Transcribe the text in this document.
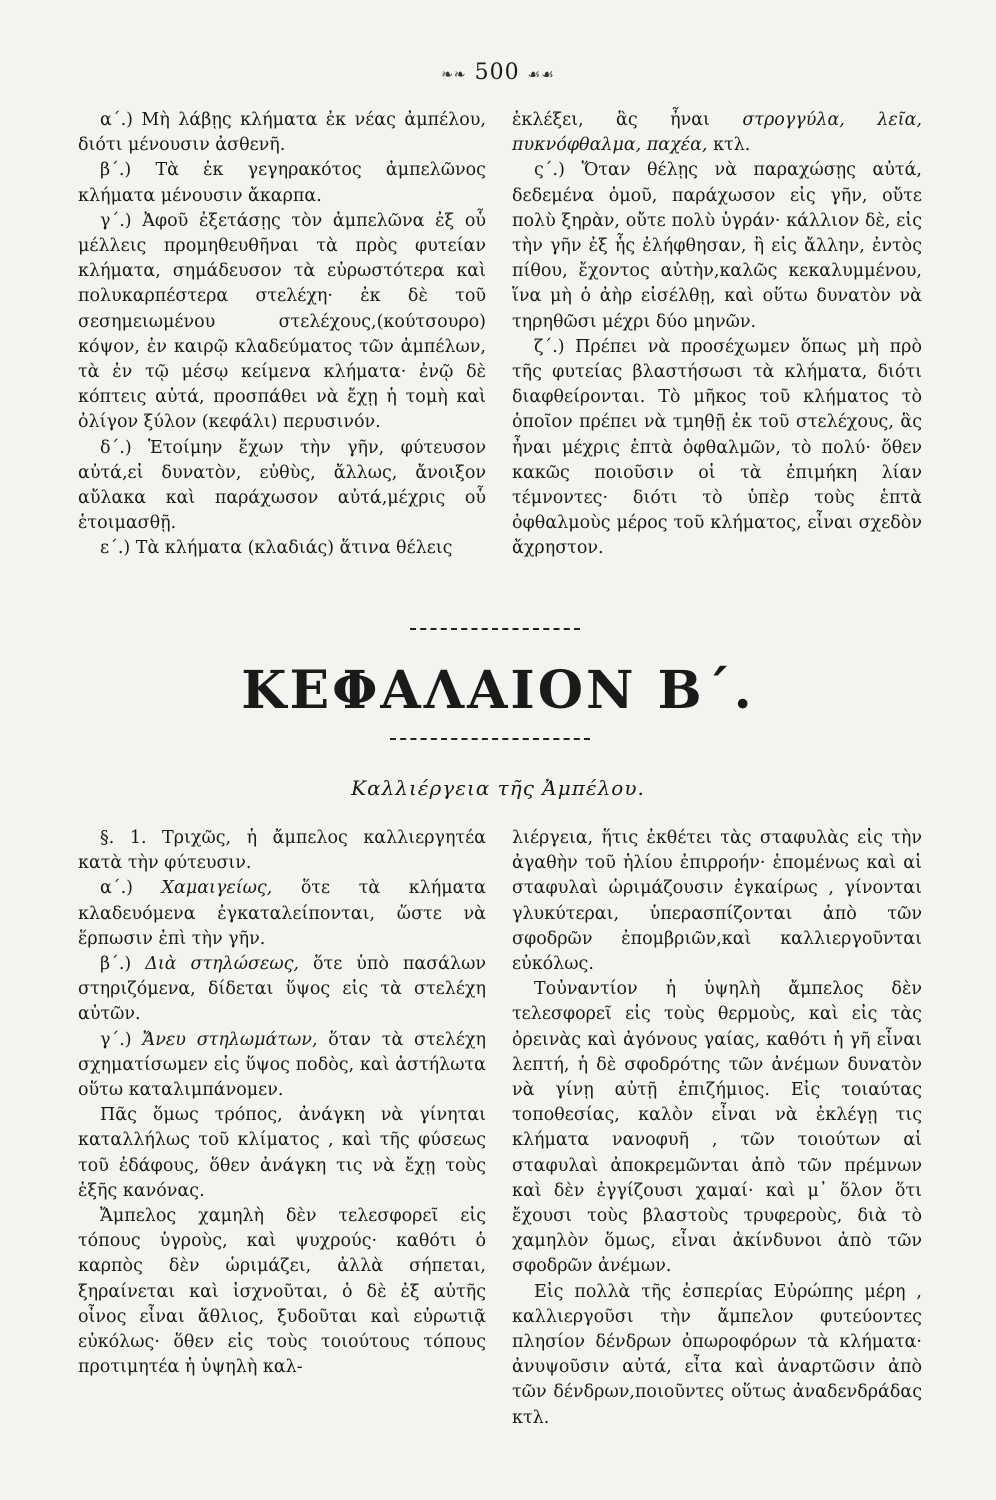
❧❧ 500 ☙☙

α΄.) Μὴ λάβῃς κλήματα ἐκ νέας ἀμπέλου, διότι μένουσιν ἀσθενῆ.

β΄.) Τὰ ἐκ γεγηρακότος ἀμπελῶνος κλήματα μένουσιν ἄκαρπα.

γ΄.) Ἀφοῦ ἐξετάσῃς τὸν ἀμπελῶνα ἐξ οὗ μέλλεις προμηθευθῆναι τὰ πρὸς φυτείαν κλήματα, σημάδευσον τὰ εὐρωστότερα καὶ πολυκαρπέστερα στελέχη· ἐκ δὲ τοῦ σεσημειωμένου στελέχους,(κούτσουρο) κόψον, ἐν καιρῷ κλαδεύματος τῶν ἀμπέλων, τὰ ἐν τῷ μέσῳ κείμενα κλήματα· ἐνῷ δὲ κόπτεις αὐτά, προσπάθει νὰ ἔχῃ ἡ τομὴ καὶ ὀλίγον ξύλον (κεφάλι) περυσινόν.

δ΄.) Ἑτοίμην ἔχων τὴν γῆν, φύτευσον αὐτά,εἰ δυνατὸν, εὐθὺς, ἄλλως, ἄνοιξον αὔλακα καὶ παράχωσον αὐτά,μέχρις οὗ ἑτοιμασθῇ.

ε΄.) Τὰ κλήματα (κλαδιάς) ἅτινα θέλεις

ἐκλέξει, ἃς ἦναι στρογγύλα, λεῖα, πυκνόφθαλμα, παχέα, κτλ.

ς΄.) Ὅταν θέλῃς νὰ παραχώσῃς αὐτά, δεδεμένα ὁμοῦ, παράχωσον εἰς γῆν, οὔτε πολὺ ξηρὰν, οὔτε πολὺ ὑγράν· κάλλιον δὲ, εἰς τὴν γῆν ἐξ ἧς ἐλήφθησαν, ἢ εἰς ἄλλην, ἐντὸς πίθου, ἔχοντος αὐτὴν,καλῶς κεκαλυμμένου, ἵνα μὴ ὁ ἀὴρ εἰσέλθῃ, καὶ οὕτω δυνατὸν νὰ τηρηθῶσι μέχρι δύο μηνῶν.

ζ΄.) Πρέπει νὰ προσέχωμεν ὅπως μὴ πρὸ τῆς φυτείας βλαστήσωσι τὰ κλήματα, διότι διαφθείρονται. Τὸ μῆκος τοῦ κλήματος τὸ ὁποῖον πρέπει νὰ τμηθῇ ἐκ τοῦ στελέχους, ἃς ἦναι μέχρις ἑπτὰ ὀφθαλμῶν, τὸ πολύ· ὅθεν κακῶς ποιοῦσιν οἱ τὰ ἐπιμήκη λίαν τέμνοντες· διότι τὸ ὑπὲρ τοὺς ἑπτὰ ὀφθαλμοὺς μέρος τοῦ κλήματος, εἶναι σχεδὸν ἄχρηστον.

ΚΕΦΑΛΑΙΟΝ Β΄.
Καλλιέργεια τῆς Ἀμπέλου.

§. 1. Τριχῶς, ἡ ἄμπελος καλλιεργητέα κατὰ τὴν φύτευσιν.

α΄.) Χαμαιγείως, ὅτε τὰ κλήματα κλαδευόμενα ἐγκαταλείπονται, ὥστε νὰ ἕρπωσιν ἐπὶ τὴν γῆν.

β΄.) Διὰ στηλώσεως, ὅτε ὑπὸ πασάλων στηριζόμενα, δίδεται ὕψος εἰς τὰ στελέχη αὐτῶν.

γ΄.) Ἄνευ στηλωμάτων, ὅταν τὰ στελέχη σχηματίσωμεν εἰς ὕψος ποδὸς, καὶ ἀστήλωτα οὕτω καταλιμπάνομεν.

Πᾶς ὅμως τρόπος, ἀνάγκη νὰ γίνηται καταλλήλως τοῦ κλίματος , καὶ τῆς φύσεως τοῦ ἐδάφους, ὅθεν ἀνάγκη τις νὰ ἔχῃ τοὺς ἑξῆς κανόνας.

Ἄμπελος χαμηλὴ δὲν τελεσφορεῖ εἰς τόπους ὑγροὺς, καὶ ψυχρούς· καθότι ὁ καρπὸς δὲν ὡριμάζει, ἀλλὰ σήπεται, ξηραίνεται καὶ ἰσχνοῦται, ὁ δὲ ἐξ αὐτῆς οἶνος εἶναι ἄθλιος, ξυδοῦται καὶ εὐρωτιᾷ εὐκόλως· ὅθεν εἰς τοὺς τοιούτους τόπους προτιμητέα ἡ ὑψηλὴ καλ-

λιέργεια, ἥτις ἐκθέτει τὰς σταφυλὰς εἰς τὴν ἀγαθὴν τοῦ ἡλίου ἐπιρροήν· ἑπομένως καὶ αἱ σταφυλαὶ ὡριμάζουσιν ἐγκαίρως , γίνονται γλυκύτεραι, ὑπερασπίζονται ἀπὸ τῶν σφοδρῶν ἐπομβριῶν,καὶ καλλιεργοῦνται εὐκόλως.

Τοὐναντίον ἡ ὑψηλὴ ἄμπελος δὲν τελεσφορεῖ εἰς τοὺς θερμοὺς, καὶ εἰς τὰς ὀρεινὰς καὶ ἀγόνους γαίας, καθότι ἡ γῆ εἶναι λεπτή, ἡ δὲ σφοδρότης τῶν ἀνέμων δυνατὸν νὰ γίνῃ αὐτῇ ἐπιζήμιος. Εἰς τοιαύτας τοποθεσίας, καλὸν εἶναι νὰ ἐκλέγῃ τις κλήματα νανοφυῆ , τῶν τοιούτων αἱ σταφυλαὶ ἀποκρεμῶνται ἀπὸ τῶν πρέμνων καὶ δὲν ἐγγίζουσι χαμαί· καὶ μ᾽ ὅλον ὅτι ἔχουσι τοὺς βλαστοὺς τρυφεροὺς, διὰ τὸ χαμηλὸν ὅμως, εἶναι ἀκίνδυνοι ἀπὸ τῶν σφοδρῶν ἀνέμων.

Εἰς πολλὰ τῆς ἑσπερίας Εὐρώπης μέρη , καλλιεργοῦσι τὴν ἄμπελον φυτεύοντες πλησίον δένδρων ὀπωροφόρων τὰ κλήματα· ἀνυψοῦσιν αὐτά, εἶτα καὶ ἀναρτῶσιν ἀπὸ τῶν δένδρων,ποιοῦντες οὕτως ἀναδενδράδας κτλ.
